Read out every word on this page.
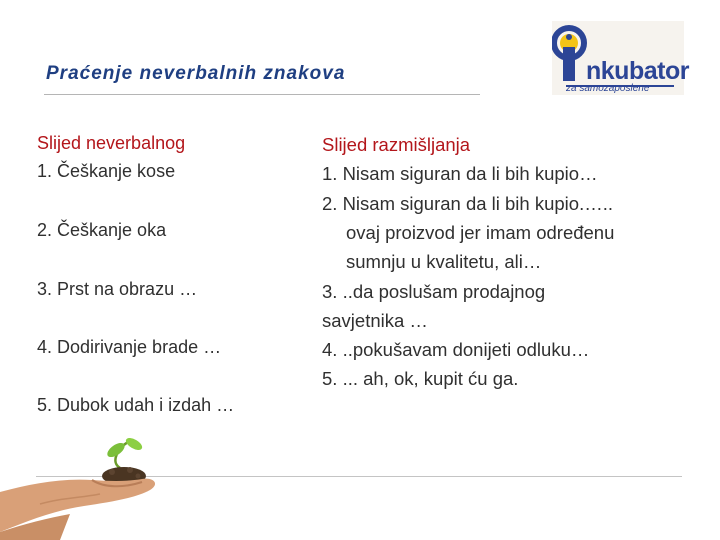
Praćenje neverbalnih znakova	nkubator
za samozaposlene
Slijed neverbalnog
1. Češkanje kose
2. Češkanje oka
3. Prst na obrazu …
4. Dodirivanje brade …
5. Dubok udah i izdah …
Slijed razmišljanja
1. Nisam siguran da li bih kupio…
2. Nisam siguran da li bih kupio.…..
ovaj proizvod jer imam određenu
sumnju u kvalitetu, ali…
3. ..da poslušam prodajnog
savjetnika …
4. ..pokušavam donijeti odluku…
5. ... ah, ok, kupit ću ga.
